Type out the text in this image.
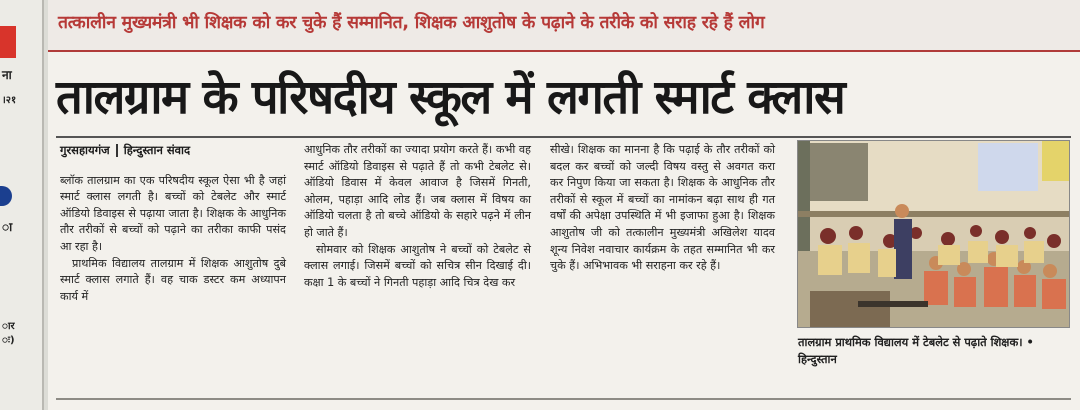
ना
।२१
ा
ार
ः)
तत्कालीन मुख्यमंत्री भी शिक्षक को कर चुके हैं सम्मानित, शिक्षक आशुतोष के पढ़ाने के तरीके को सराह रहे हैं लोग
तालग्राम के परिषदीय स्कूल में लगती स्मार्ट क्लास
गुरसहायगंज हिन्दुस्तान संवाद

ब्लॉक तालग्राम का एक परिषदीय स्कूल ऐसा भी है जहां स्मार्ट क्लास लगती है। बच्चों को टेबलेट और स्मार्ट ऑडियो डिवाइस से पढ़ाया जाता है। शिक्षक के आधुनिक तौर तरीकों से बच्चों को पढ़ाने का तरीका काफी पसंद आ रहा है।

प्राथमिक विद्यालय तालग्राम में शिक्षक आशुतोष दुबे स्मार्ट क्लास लगाते हैं। वह चाक डस्टर कम अध्यापन कार्य में

आधुनिक तौर तरीकों का ज्यादा प्रयोग करते हैं। कभी वह स्मार्ट ऑडियो डिवाइस से पढ़ाते हैं तो कभी टेबलेट से। ऑडियो डिवास में केवल आवाज है जिसमें गिनती, ओलम, पहाड़ा आदि लोड हैं। जब क्लास में विषय का ऑडियो चलता है तो बच्चे ऑडियो के सहारे पढ़ने में लीन हो जाते हैं।

सोमवार को शिक्षक आशुतोष ने बच्चों को टेबलेट से क्लास लगाई। जिसमें बच्चों को सचित्र सीन दिखाई दी। कक्षा 1 के बच्चों ने गिनती पहाड़ा आदि चित्र देख कर

सीखे। शिक्षक का मानना है कि पढ़ाई के तौर तरीकों को बदल कर बच्चों को जल्दी विषय वस्तु से अवगत करा कर निपुण किया जा सकता है। शिक्षक के आधुनिक तौर तरीकों से स्कूल में बच्चों का नामांकन बढ़ा साथ ही गत वर्षों की अपेक्षा उपस्थिति में भी इजाफा हुआ है। शिक्षक आशुतोष जी को तत्कालीन मुख्यमंत्री अखिलेश यादव शून्य निवेश नवाचार कार्यक्रम के तहत सम्मानित भी कर चुके हैं। अभिभावक भी सराहना कर रहे हैं।

तालग्राम प्राथमिक विद्यालय में टेबलेट से पढ़ाते शिक्षक। • हिन्दुस्तान
